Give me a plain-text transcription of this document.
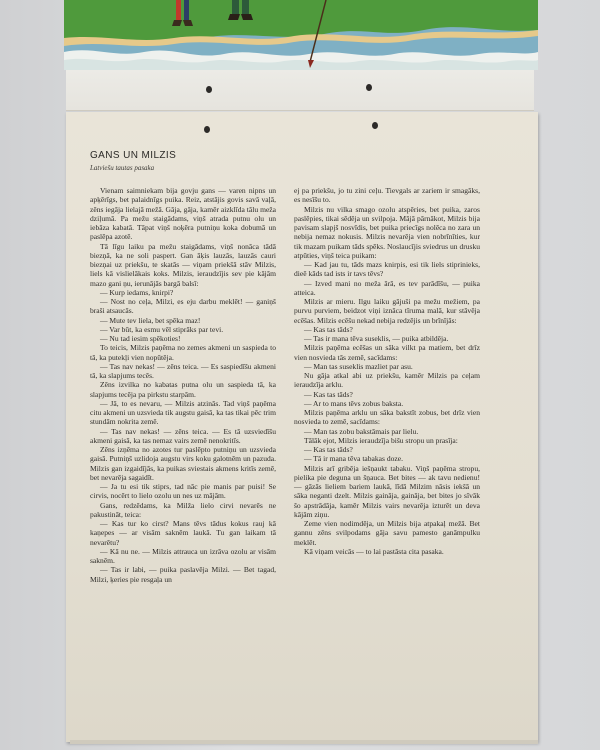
GANS UN MILZIS
Latviešu tautas pasaka

Vienam saimniekam bija govju gans — varen nipns un apķērīgs, bet palaidnīgs puika. Reiz, atstājis govis savā vaļā, zēns iegāja lielajā mežā. Gāja, gāja, kamēr aizklīda tālu meža dziļumā. Pa mežu staigādams, viņš atrada putnu olu un iebāza kabatā. Tāpat viņš noķēra putniņu koka dobumā un paslēpa azotē.

Tā līgu laiku pa mežu staigādams, viņš nonāca tādā biezņā, ka ne soli paspert. Gan āķis lauzās, lauzās cauri biezņai uz priekšu, te skatās — viņam priekšā stāv Milzis, liels kā vislielākais koks. Milzis, ieraudzījis sev pie kājām mazo gani ņu, ierunājās bargā balsī:

— Kurp iedams, knirpi?

— Nost no ceļa, Milzi, es eju darbu meklēt! — ganiņš braši atsaucās.

— Mute tev liela, bet spēka maz!

— Var būt, ka esmu vēl stiprāks par tevi.

— Nu tad iesim spēkoties!

To teicis, Milzis paņēma no zemes akmeni un saspieda to tā, ka putekļi vien nopūtēja.

— Tas nav nekas! — zēns teica. — Es saspiedīšu akmeni tā, ka slapjums tecēs.

Zēns izvilka no kabatas putna olu un saspieda tā, ka slapjums tecēja pa pirkstu starpām.

— Jā, to es nevaru, — Milzis atzinās. Tad viņš paņēma citu akmeni un uzsvieda tik augstu gaisā, ka tas tikai pēc trim stundām nokrita zemē.

— Tas nav nekas! — zēns teica. — Es tā uzsviedīšu akmeni gaisā, ka tas nemaz vairs zemē nenokritīs.

Zēns izņēma no azotes tur paslēpto putniņu un uzsvieda gaisā. Putniņš uzlidoja augstu virs koku galotnēm un pazuda. Milzis gan izgaidījās, ka puikas sviestais akmens kritīs zemē, bet nevarēja sagaidīt.

— Ja tu esi tik stiprs, tad nāc pie manis par puisi! Se cirvis, nocērt to lielo ozolu un nes uz mājām.

Gans, redzēdams, ka Milža lielo cirvi nevarēs ne pakustināt, teica:

— Kas tur ko cirst? Mans tēvs tādus kokus rauj kā kaņepes — ar visām saknēm laukā. Tu gan laikam tā nevarētu?

— Kā nu ne. — Milzis attrauca un izrāva ozolu ar visām saknēm.

— Tas ir labi, — puika paslavēja Milzi. — Bet tagad, Milzi, ķeries pie resgaļa un

ej pa priekšu, jo tu zini ceļu. Tievgals ar zariem ir smagāks, es nesīšu to.

Milzis nu vilka smago ozolu atspēries, bet puika, zaros paslēpies, tikai sēdēja un svilpoja. Mājā pārnākot, Milzis bija pavisam slapjš nosvīdis, bet puika priecīgs nolēca no zara un nebija nemaz nokusis. Milzis nevarēja vien nobrīnīties, kur tik mazam puikam tāds spēks. Noslaucījis sviedrus un drusku atpūties, viņš teica puikam:

— Kad jau tu, tāds mazs knirpis, esi tik liels stiprinieks, dieē kāds tad ists ir tavs tēvs?

— Izved mani no meža ārā, es tev parādīšu, — puika atteica.

Milzis ar mieru. Ilgu laiku gājuši pa mežu mežiem, pa purvu purviem, beidzot viņi iznāca tīruma malā, kur stāvēja ecēšas. Milzis ecēšu nekad nebija redzējis un brīnījās:

— Kas tas tāds?

— Tas ir mana tēva suseklis, — puika atbildēja.

Milzis paņēma ecēšas un sāka vilkt pa matiem, bet drīz vien nosvieda tās zemē, sacīdams:

— Man tas suseklis mazliet par asu.

Nu gāja atkal abi uz priekšu, kamēr Milzis pa ceļam ieraudzīja arklu.

— Kas tas tāds?

— Ar to mans tēvs zobus baksta.

Milzis paņēma arklu un sāka bakstīt zobus, bet drīz vien nosvieda to zemē, sacīdams:

— Man tas zobu bakstāmais par lielu.

Tālāk ejot, Milzis ieraudzīja bišu stropu un prasīja:

— Kas tas tāds?

— Tā ir mana tēva tabakas doze.

Milzis arī gribēja iešņaukt tabaku. Viņš paņēma stropu, pielika pie deguna un šņauca. Bet bites — ak tavu nedienu! — gāzās lieliem bariem laukā, līdā Milzim nāsis iekšā un sāka neganti dzelt. Milzis gaināja, gaināja, bet bites jo sīvāk šo apstrādāja, kamēr Milzis vairs nevarēja izturēt un deva kājām ziņu.

Zeme vien nodimdēja, un Milzis bija atpakaļ mežā. Bet gannu zēns svilpodams gāja savu pamesto ganāmpulku meklēt.

Kā viņam veicās — to lai pastāsta cita pasaka.
